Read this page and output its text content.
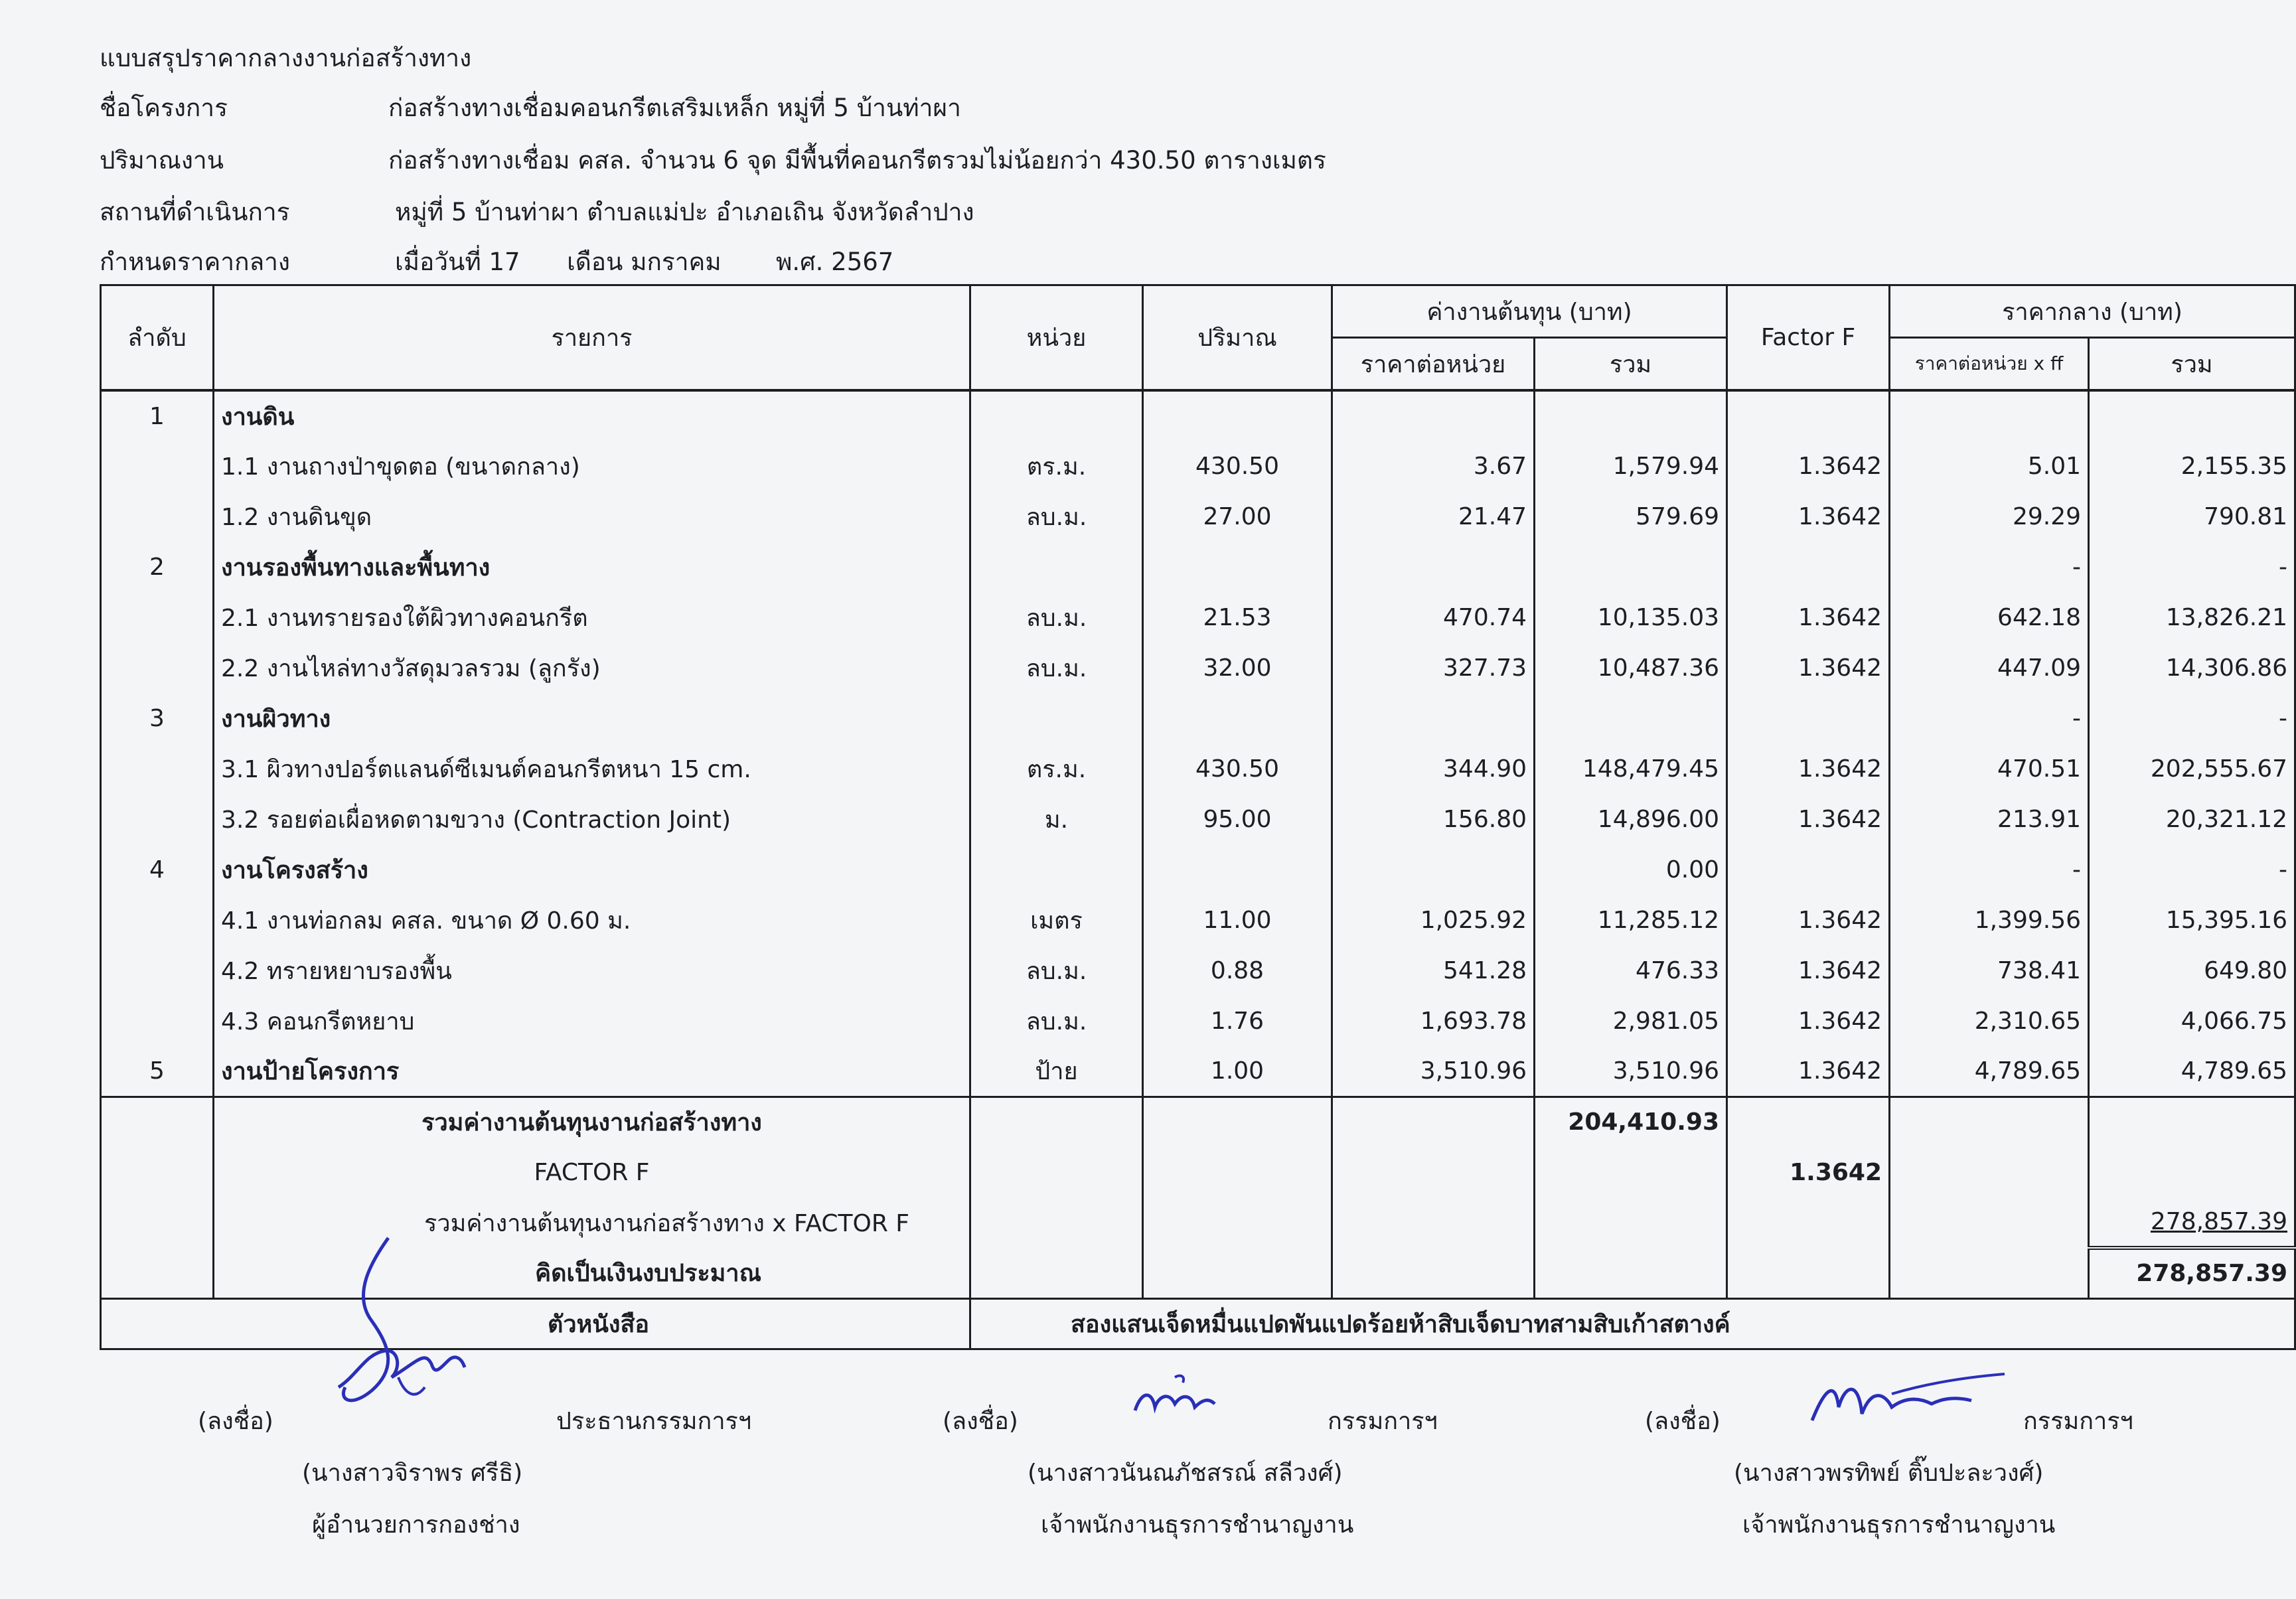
แบบสรุปราคากลางงานก่อสร้างทาง
ชื่อโครงการ	ก่อสร้างทางเชื่อมคอนกรีตเสริมเหล็ก หมู่ที่ 5 บ้านท่าผา
ปริมาณงาน	ก่อสร้างทางเชื่อม คสล. จำนวน 6 จุด มีพื้นที่คอนกรีตรวมไม่น้อยกว่า 430.50 ตารางเมตร
สถานที่ดำเนินการ	หมู่ที่ 5 บ้านท่าผา ตำบลแม่ปะ อำเภอเถิน จังหวัดลำปาง
กำหนดราคากลาง	เมื่อวันที่ 17      เดือน มกราคม       พ.ศ. 2567
ลำดับ	รายการ	หน่วย	ปริมาณ	ค่างานต้นทุน (บาท)		Factor F	ราคากลาง (บาท)	
				ราคาต่อหน่วย	รวม		ราคาต่อหน่วย x ff	รวม
1	งานดิน							
	1.1 งานถางป่าขุดตอ (ขนาดกลาง)	ตร.ม.	430.50	3.67	1,579.94	1.3642	5.01	2,155.35
	1.2 งานดินขุด	ลบ.ม.	27.00	21.47	579.69	1.3642	29.29	790.81
2	งานรองพื้นทางและพื้นทาง						-	-
	2.1 งานทรายรองใต้ผิวทางคอนกรีต	ลบ.ม.	21.53	470.74	10,135.03	1.3642	642.18	13,826.21
	2.2 งานไหล่ทางวัสดุมวลรวม (ลูกรัง)	ลบ.ม.	32.00	327.73	10,487.36	1.3642	447.09	14,306.86
3	งานผิวทาง						-	-
	3.1 ผิวทางปอร์ตแลนด์ซีเมนต์คอนกรีตหนา 15 cm.	ตร.ม.	430.50	344.90	148,479.45	1.3642	470.51	202,555.67
	3.2 รอยต่อเผื่อหดตามขวาง (Contraction Joint)	ม.	95.00	156.80	14,896.00	1.3642	213.91	20,321.12
4	งานโครงสร้าง				0.00		-	-
	4.1 งานท่อกลม คสล. ขนาด Ø 0.60 ม.	เมตร	11.00	1,025.92	11,285.12	1.3642	1,399.56	15,395.16
	4.2 ทรายหยาบรองพื้น	ลบ.ม.	0.88	541.28	476.33	1.3642	738.41	649.80
	4.3 คอนกรีตหยาบ	ลบ.ม.	1.76	1,693.78	2,981.05	1.3642	2,310.65	4,066.75
5	งานป้ายโครงการ	ป้าย	1.00	3,510.96	3,510.96	1.3642	4,789.65	4,789.65
	รวมค่างานต้นทุนงานก่อสร้างทาง				204,410.93			
	FACTOR F					1.3642		
	รวมค่างานต้นทุนงานก่อสร้างทาง x FACTOR F							278,857.39
	คิดเป็นเงินงบประมาณ							278,857.39
ตัวหนังสือ		สองแสนเจ็ดหมื่นแปดพันแปดร้อยห้าสิบเจ็ดบาทสามสิบเก้าสตางค์						
(ลงชื่อ)	ประธานกรรมการฯ
(นางสาวจิราพร ศรีธิ)
ผู้อำนวยการกองช่าง
(ลงชื่อ)	กรรมการฯ
(นางสาวนันณภัชสรณ์ สลีวงศ์)
เจ้าพนักงานธุรการชำนาญงาน
(ลงชื่อ)	กรรมการฯ
(นางสาวพรทิพย์ ติ๊บปะละวงศ์)
เจ้าพนักงานธุรการชำนาญงาน
